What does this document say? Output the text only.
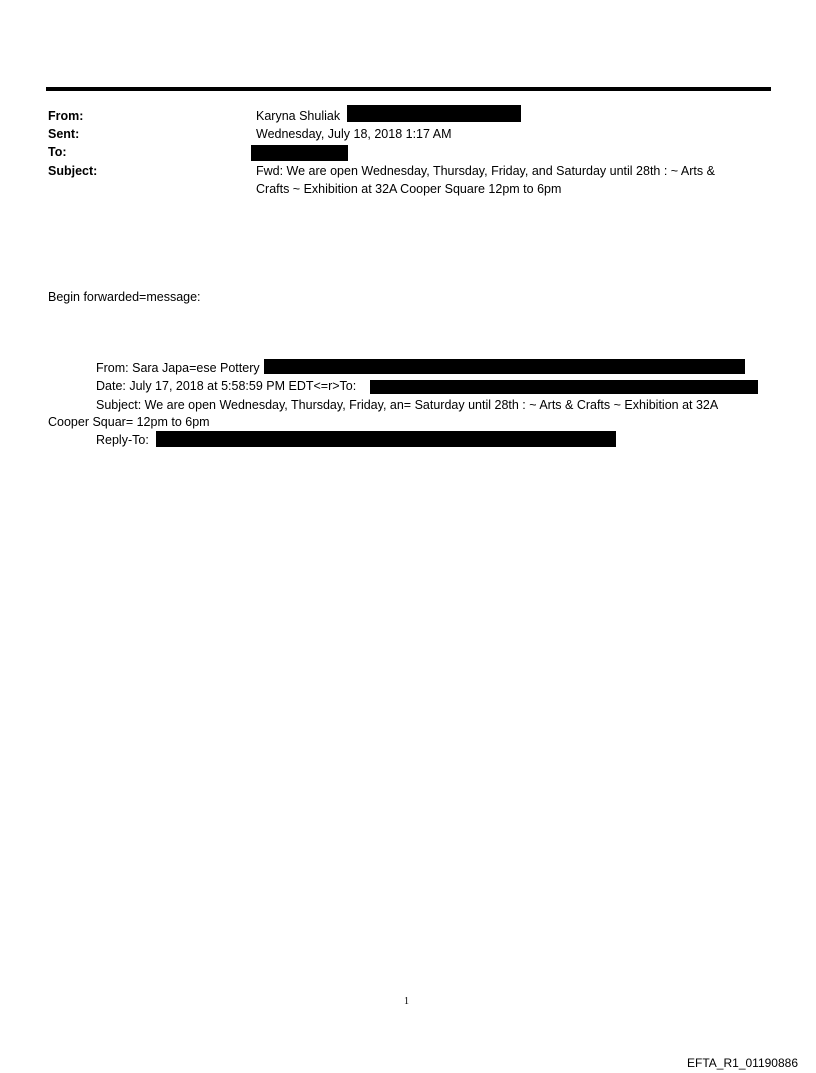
From:	Karyna Shuliak
Sent:	Wednesday, July 18, 2018 1:17 AM
To:
Subject:	Fwd: We are open Wednesday, Thursday, Friday, and Saturday until 28th : ~ Arts &
Crafts ~ Exhibition at 32A Cooper Square 12pm to 6pm
Begin forwarded=message:
From: Sara Japa=ese Pottery
Date: July 17, 2018 at 5:58:59 PM EDT<=r>To:
Subject: We are open Wednesday, Thursday, Friday, an= Saturday until 28th : ~ Arts & Crafts ~ Exhibition at 32A
Cooper Squar= 12pm to 6pm
Reply-To:
1
EFTA_R1_01190886
